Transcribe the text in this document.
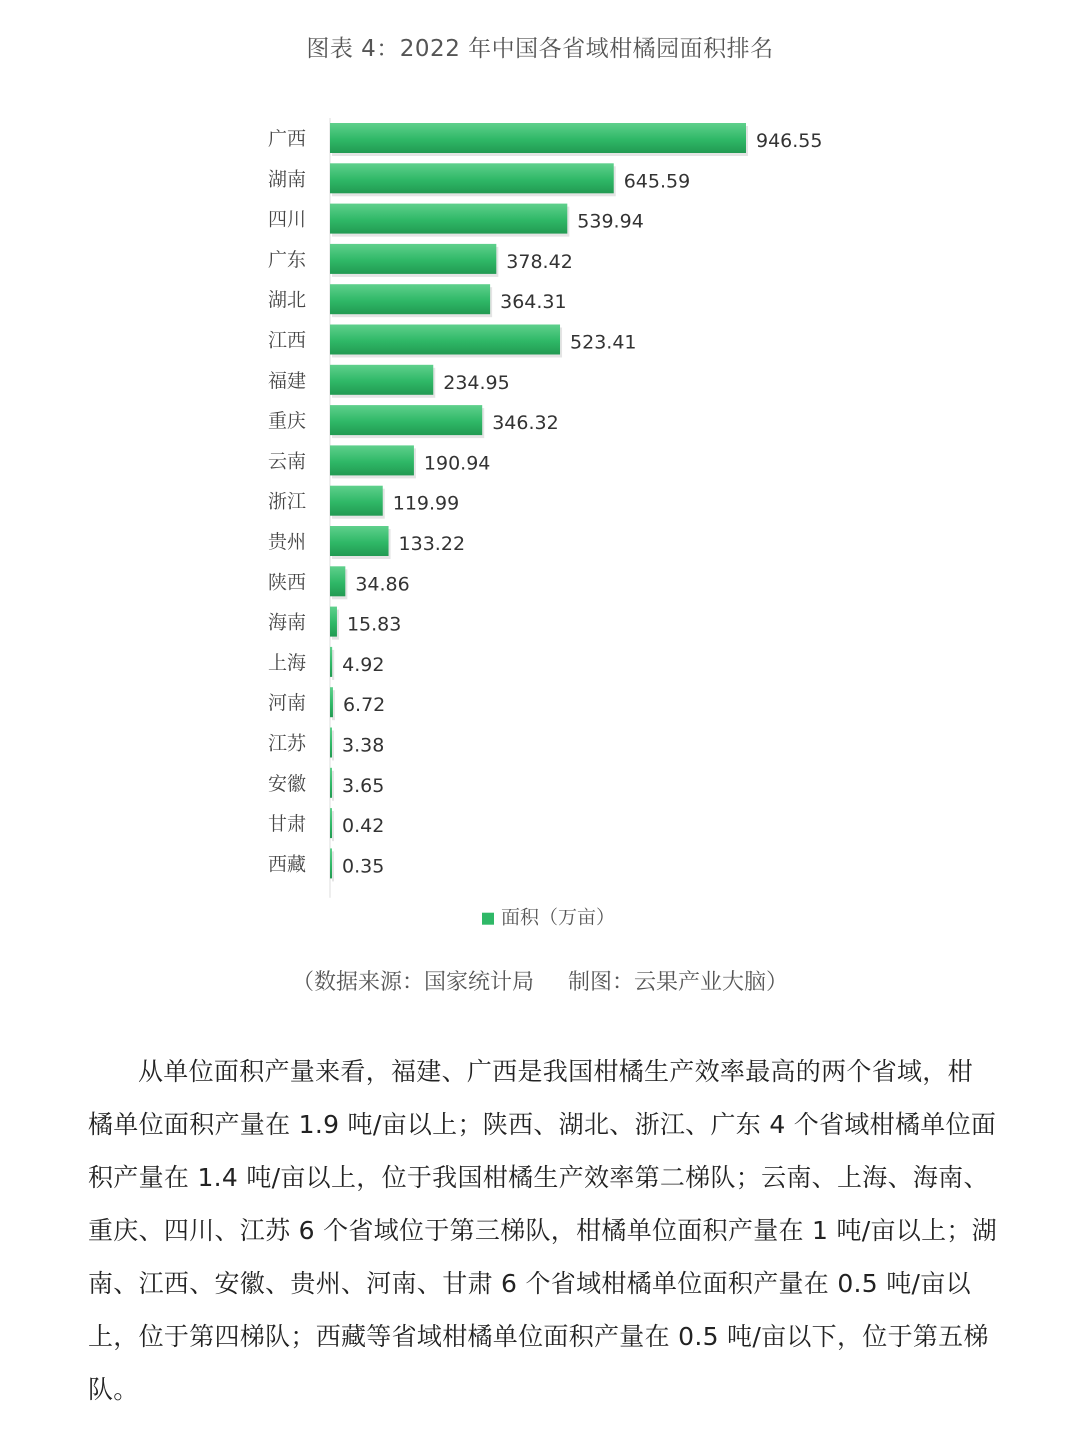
图表 4：2022 年中国各省域柑橘园面积排名
广西	946.55
湖南	645.59
四川	539.94
广东	378.42
湖北	364.31
江西	523.41
福建	234.95
重庆	346.32
云南	190.94
浙江	119.99
贵州	133.22
陕西	34.86
海南 15.83
上海 4.92
河南 6.72
江苏 3.38
安徽 3.65
甘肃 0.42
西藏 0.35
面积（万亩）
（数据来源：国家统计局 制图：云果产业大脑）

从单位面积产量来看，福建、广西是我国柑橘生产效率最高的两个省域，柑橘单位面积产量在 1.9 吨/亩以上；陕西、湖北、浙江、广东 4 个省域柑橘单位面积产量在 1.4 吨/亩以上，位于我国柑橘生产效率第二梯队；云南、上海、海南、重庆、四川、江苏 6 个省域位于第三梯队，柑橘单位面积产量在 1 吨/亩以上；湖南、江西、安徽、贵州、河南、甘肃 6 个省域柑橘单位面积产量在 0.5 吨/亩以上，位于第四梯队；西藏等省域柑橘单位面积产量在 0.5 吨/亩以下，位于第五梯队。
